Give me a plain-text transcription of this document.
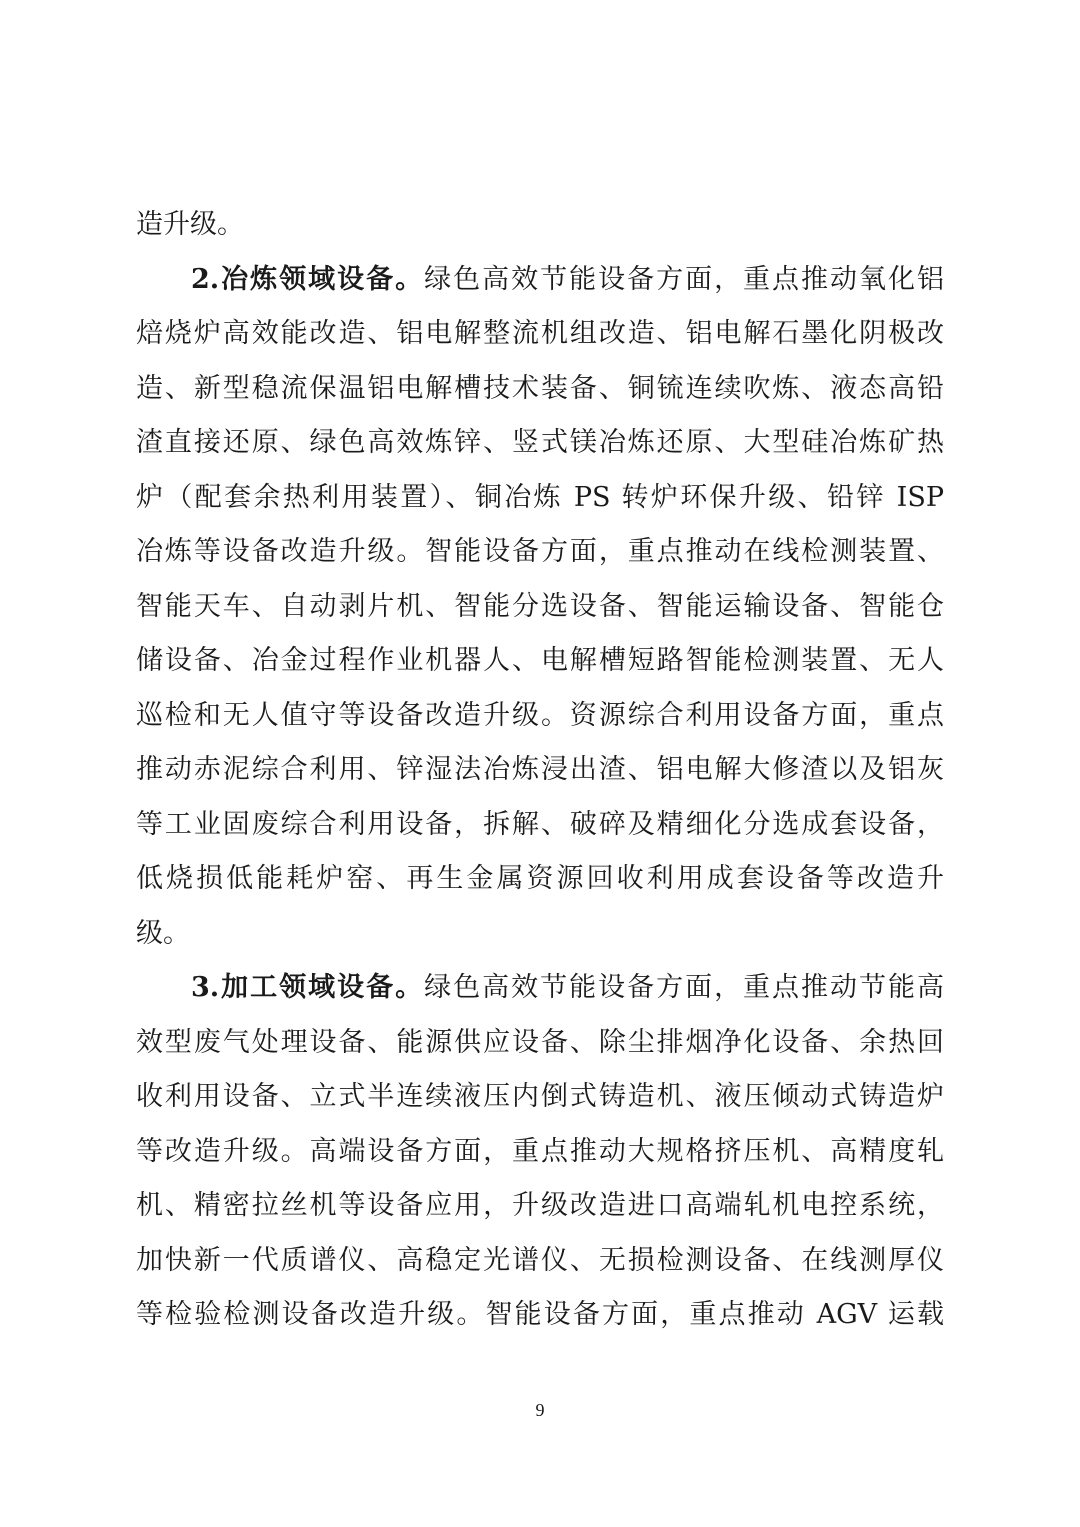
造升级。
2.冶炼领域设备。绿色高效节能设备方面，重点推动氧化铝
焙烧炉高效能改造、铝电解整流机组改造、铝电解石墨化阴极改
造、新型稳流保温铝电解槽技术装备、铜锍连续吹炼、液态高铅
渣直接还原、绿色高效炼锌、竖式镁冶炼还原、大型硅冶炼矿热
炉（配套余热利用装置）、铜冶炼 PS 转炉环保升级、铅锌 ISP
冶炼等设备改造升级。智能设备方面，重点推动在线检测装置、
智能天车、自动剥片机、智能分选设备、智能运输设备、智能仓
储设备、冶金过程作业机器人、电解槽短路智能检测装置、无人
巡检和无人值守等设备改造升级。资源综合利用设备方面，重点
推动赤泥综合利用、锌湿法冶炼浸出渣、铝电解大修渣以及铝灰
等工业固废综合利用设备，拆解、破碎及精细化分选成套设备，
低烧损低能耗炉窑、再生金属资源回收利用成套设备等改造升
级。
3.加工领域设备。绿色高效节能设备方面，重点推动节能高
效型废气处理设备、能源供应设备、除尘排烟净化设备、余热回
收利用设备、立式半连续液压内倒式铸造机、液压倾动式铸造炉
等改造升级。高端设备方面，重点推动大规格挤压机、高精度轧
机、精密拉丝机等设备应用，升级改造进口高端轧机电控系统，
加快新一代质谱仪、高稳定光谱仪、无损检测设备、在线测厚仪
等检验检测设备改造升级。智能设备方面，重点推动 AGV 运载
9
